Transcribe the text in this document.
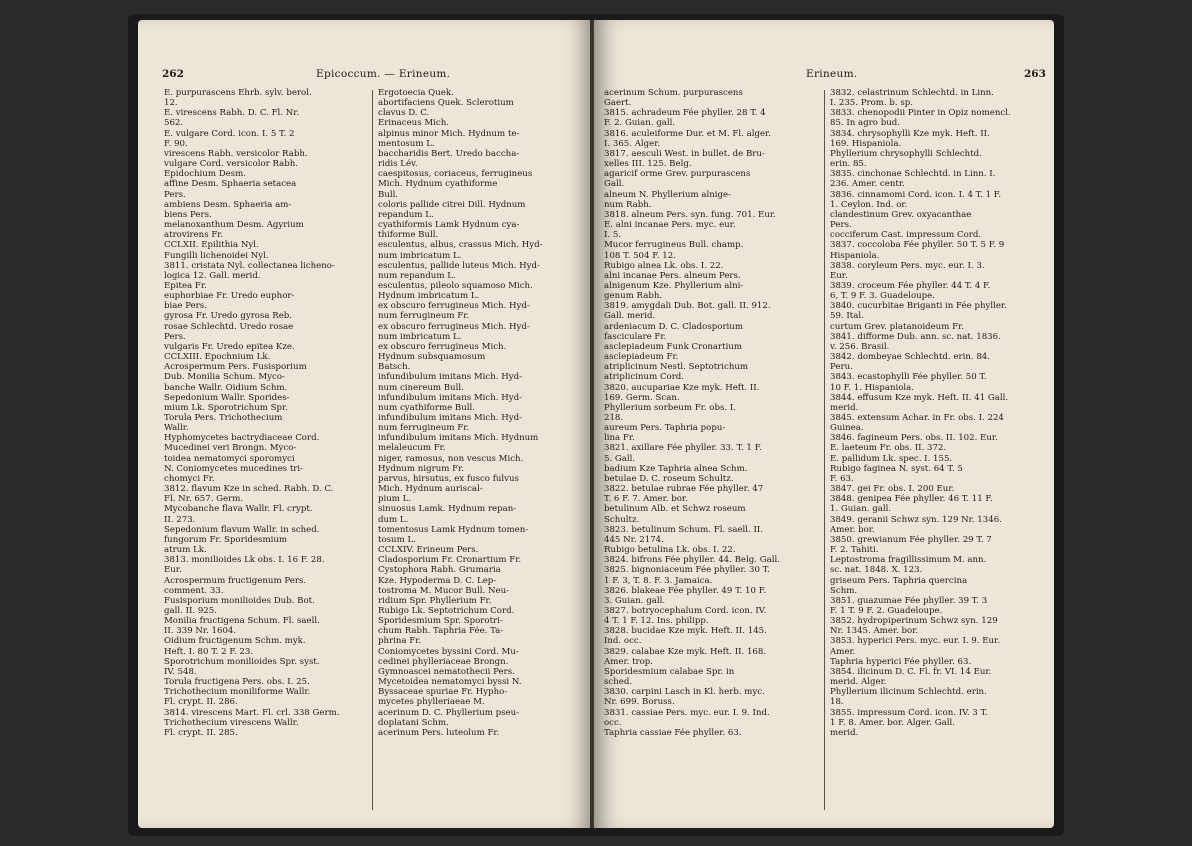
262	Epicoccum. — Erineum.
E. purpurascens Ehrb. sylv. berol.
12.
E. virescens Rabh. D. C. Fl. Nr.
562.
E. vulgare Cord. icon. I. 5 T. 2
F. 90.
virescens Rabh. versicolor Rabh.
vulgare Cord. versicolor Rabh.
Epidochium Desm.
affine Desm. Sphaeria setacea
Pers.
ambiens Desm. Sphaeria am-
biens Pers.
melanoxanthum Desm. Agyrium
atrovirens Fr.
CCLXII. Epilithia Nyl.
Fungilli lichenoidei Nyl.
3811. cristata Nyl. collectanea licheno-
logica 12. Gall. merid.
Epitea Fr.
euphorbiae Fr. Uredo euphor-
biae Pers.
gyrosa Fr. Uredo gyrosa Reb.
rosae Schlechtd. Uredo rosae
Pers.
vulgaris Fr. Uredo epitea Kze.
CCLXIII. Epochnium Lk.
Acrospermum Pers. Fusisporium
Dub. Monilia Schum. Myco-
banche Wallr. Oidium Schm.
Sepedonium Wallr. Sporides-
mium Lk. Sporotrichum Spr.
Torula Pers. Trichothecium
Wallr.
Hyphomycetes bactrydiaceae Cord.
Mucedinei veri Brongn. Myco-
toidea nematomyci sporomyci
N. Coniomycetes mucedines tri-
chomyci Fr.
3812. flavum Kze in sched. Rabh. D. C.
Fl. Nr. 657. Germ.
Mycobanche flava Wallr. Fl. crypt.
II. 273.
Sepedonium flavum Wallr. in sched.
fungorum Fr. Sporidesmium
atrum Lk.
3813. monilioides Lk obs. I. 16 F. 28.
Eur.
Acrospermum fructigenum Pers.
comment. 33.
Fusisporium monilioides Dub. Bot.
gall. II. 925.
Monilia fructigena Schum. Fl. saell.
II. 339 Nr. 1604.
Oidium fructigenum Schm. myk.
Heft. I. 80 T. 2 F. 23.
Sporotrichum monilioides Spr. syst.
IV. 548.
Torula fructigena Pers. obs. I. 25.
Trichothecium moniliforme Wallr.
Fl. crypt. II. 286.
3814. virescens Mart. Fl. crl. 338 Germ.
Trichothecium virescens Wallr.
Fl. crypt. II. 285.
Ergotoecia Quek.
abortifaciens Quek. Sclerotium
clavus D. C.
Erinaceus Mich.
alpinus minor Mich. Hydnum te-
mentosum L.
baccharidis Bert. Uredo baccha-
ridis Lév.
caespitosus, coriaceus, ferrugineus
Mich. Hydnum cyathiforme
Bull.
coloris pallide citrei Dill. Hydnum
repandum L.
cyathiformis Lamk Hydnum cya-
thiforme Bull.
esculentus, albus, crassus Mich. Hyd-
num imbricatum L.
esculentus, pallide luteus Mich. Hyd-
num repandum L.
esculentus, pileolo squamoso Mich.
Hydnum imbricatum L.
ex obscuro ferrugineus Mich. Hyd-
num ferrugineum Fr.
ex obscuro ferrugineus Mich. Hyd-
num imbricatum L.
ex obscuro ferrugineus Mich.
Hydnum subsquamosum
Batsch.
infundibulum imitans Mich. Hyd-
num cinereum Bull.
infundibulum imitans Mich. Hyd-
num cyathiforme Bull.
infundibulum imitans Mich. Hyd-
num ferrugineum Fr.
infundibulum imitans Mich. Hydnum
melaleucum Fr.
niger, ramosus, non vescus Mich.
Hydnum nigrum Fr.
parvus, hirsutus, ex fusco fulvus
Mich. Hydnum auriscal-
pium L.
sinuosus Lamk. Hydnum repan-
dum L.
tomentosus Lamk Hydnum tomen-
tosum L.
CCLXIV. Erineum Pers.
Cladosporium Fr. Cronartium Fr.
Cystophora Rabh. Grumaria
Kze. Hypoderma D. C. Lep-
tostroma M. Mucor Bull. Neu-
ridium Spr. Phyllerium Fr.
Rubigo Lk. Septotrichum Cord.
Sporidesmium Spr. Sporotri-
chum Rabh. Taphria Fée. Ta-
phrina Fr.
Coniomycetes byssini Cord. Mu-
cedinei phylleriaceae Brongn.
Gymnoascei nematothecii Pers.
Mycetoidea nematomyci byssi N.
Byssaceae spuriae Fr. Hypho-
mycetes phylleriaeae M.
acerinum D. C. Phyllerium pseu-
doplatani Schm.
acerinum Pers. luteolum Fr.
Erineum.	263
acerinum Schum. purpurascens
Gaert.
3815. achradeum Fée phyller. 28 T. 4
F. 2. Guian. gall.
3816. aculeiforme Dur. et M. Fl. alger.
I. 365. Alger.
3817. aesculi West. in bullet. de Bru-
xelles III. 125. Belg.
agaricif orme Grev. purpurascens
Gall.
alneum N. Phyllerium alnige-
num Rabh.
3818. alneum Pers. syn. fung. 701. Eur.
E. alni incanae Pers. myc. eur.
I. 5.
Mucor ferrugineus Bull. champ.
108 T. 504 F. 12.
Rubigo alnea Lk. obs. I. 22.
alni incanae Pers. alneum Pers.
alnigenum Kze. Phyllerium alni-
genum Rabh.
3819. amygdali Dub. Bot. gall. II. 912.
Gall. merid.
ardeniacum D. C. Cladosporium
fasciculare Fr.
asclepiadeum Funk Cronartium
asclepiadeum Fr.
atriplicinum Nestl. Septotrichum
atriplicinum Cord.
3820. aucupariae Kze myk. Heft. II.
169. Germ. Scan.
Phyllerium sorbeum Fr. obs. I.
218.
aureum Pers. Taphria popu-
lina Fr.
3821. axillare Fée phyller. 33. T. 1 F.
5. Gall.
badium Kze Taphria alnea Schm.
betulae D. C. roseum Schultz.
3822. betulae rubrae Fée phyller. 47
T. 6 F. 7. Amer. bor.
betulinum Alb. et Schwz roseum
Schultz.
3823. betulinum Schum. Fl. saell. II.
445 Nr. 2174.
Rubigo betulina Lk. obs. I. 22.
3824. bifrons Fée phyller. 44. Belg. Gall.
3825. bignoniaceum Fée phyller. 30 T.
1 F. 3, T. 8. F. 3. Jamaica.
3826. blakeae Fée phyller. 49 T. 10 F.
3. Guian. gall.
3827. botryocephalum Cord. icon. IV.
4 T. 1 F. 12. Ins. philipp.
3828. bucidae Kze myk. Heft. II. 145.
Ind. occ.
3829. calabae Kze myk. Heft. II. 168.
Amer. trop.
Sporidesmium calabae Spr. in
sched.
3830. carpini Lasch in Kl. herb. myc.
Nr. 699. Boruss.
3831. cassiae Pers. myc. eur. I. 9. Ind.
occ.
Taphria cassiae Fée phyller. 63.
3832. celastrinum Schlechtd. in Linn.
I. 235. Prom. b. sp.
3833. chenopodii Pinter in Opiz nomencl.
85. In agro bud.
3834. chrysophylli Kze myk. Heft. II.
169. Hispaniola.
Phyllerium chrysophylli Schlechtd.
erin. 85.
3835. cinchonae Schlechtd. in Linn. I.
236. Amer. centr.
3836. cinnamomi Cord. icon. I. 4 T. 1 F.
1. Ceylon. Ind. or.
clandestinum Grev. oxyacanthae
Pers.
cocciferum Cast. impressum Cord.
3837. coccoloba Fée phyller. 50 T. 5 F. 9
Hispaniola.
3838. coryleum Pers. myc. eur. I. 3.
Eur.
3839. croceum Fée phyller. 44 T. 4 F.
6, T. 9 F. 3. Guadeloupe.
3840. cucurbitae Briganti in Fée phyller.
59. Ital.
curtum Grev. platanoideum Fr.
3841. difforme Dub. ann. sc. nat. 1836.
v. 256. Brasil.
3842. dombeyae Schlechtd. erin. 84.
Peru.
3843. ecastophylli Fée phyller. 50 T.
10 F. 1. Hispaniola.
3844. effusum Kze myk. Heft. II. 41 Gall.
merid.
3845. extensum Achar. in Fr. obs. I. 224
Guinea.
3846. fagineum Pers. obs. II. 102. Eur.
E. laeteum Fr. obs. II. 372.
E. pallidum Lk. spec. I. 155.
Rubigo faginea N. syst. 64 T. 5
F. 63.
3847. gei Fr. obs. I. 200 Eur.
3848. genipea Fée phyller. 46 T. 11 F.
1. Guian. gall.
3849. geranii Schwz syn. 129 Nr. 1346.
Amer. bor.
3850. grewianum Fée phyller. 29 T. 7
F. 2. Tahiti.
Leptostroma fragillissimum M. ann.
sc. nat. 1848. X. 123.
griseum Pers. Taphria quercina
Schm.
3851. guazumae Fée phyller. 39 T. 3
F. 1 T. 9 F. 2. Guadeloupe.
3852. hydropiperinum Schwz syn. 129
Nr. 1345. Amer. bor.
3853. hyperici Pers. myc. eur. I. 9. Eur.
Amer.
Taphria hyperici Fée phyller. 63.
3854. ilicinum D. C. Fl. fr. VI. 14 Eur.
merid. Alger.
Phyllerium ilicinum Schlechtd. erin.
18.
3855. impressum Cord. icon. IV. 3 T.
1 F. 8. Amer. bor. Alger. Gall.
merid.
